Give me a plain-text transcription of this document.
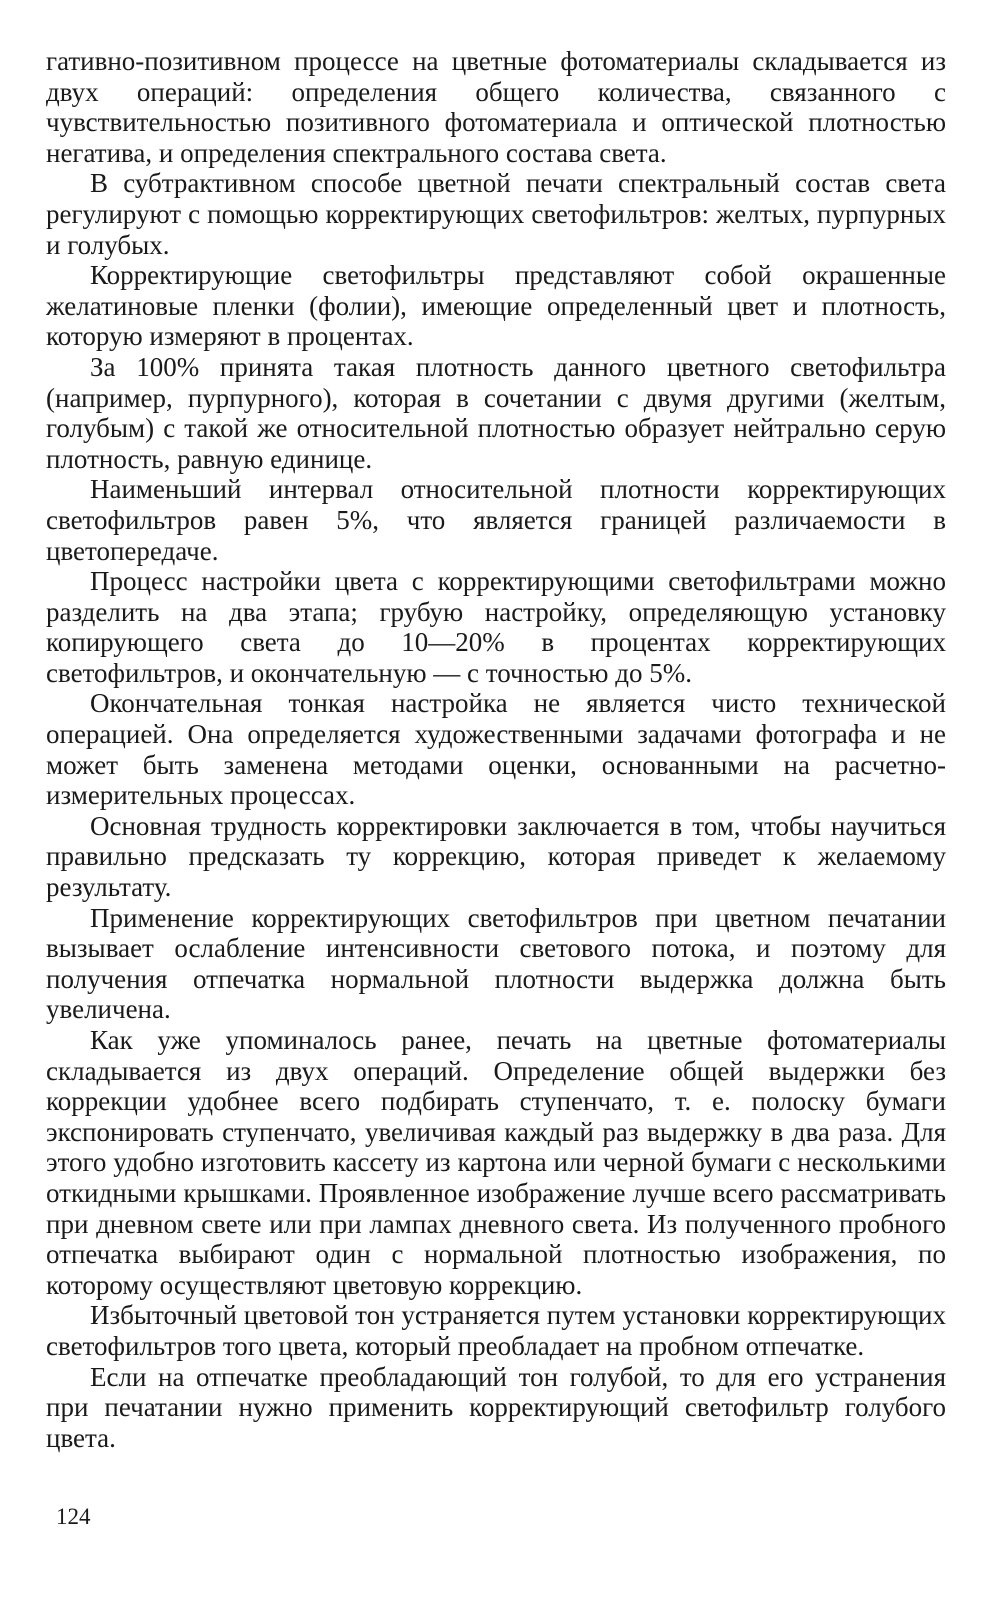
гативно-позитивном процессе на цветные фотоматериалы складывается из двух операций: определения общего количества, связанного с чувствительностью позитивного фотоматериала и оптической плотностью негатива, и определения спектрального состава света.

В субтрактивном способе цветной печати спектральный состав света регулируют с помощью корректирующих светофильтров: желтых, пурпурных и голубых.

Корректирующие светофильтры представляют собой окрашенные желатиновые пленки (фолии), имеющие определенный цвет и плотность, которую измеряют в процентах.

За 100% принята такая плотность данного цветного светофильтра (например, пурпурного), которая в сочетании с двумя другими (желтым, голубым) с такой же относительной плотностью образует нейтрально серую плотность, равную единице.

Наименьший интервал относительной плотности корректирующих светофильтров равен 5%, что является границей различаемости в цветопередаче.

Процесс настройки цвета с корректирующими светофильтрами можно разделить на два этапа; грубую настройку, определяющую установку копирующего света до 10—20% в процентах корректирующих светофильтров, и окончательную — с точностью до 5%.

Окончательная тонкая настройка не является чисто технической операцией. Она определяется художественными задачами фотографа и не может быть заменена методами оценки, основанными на расчетно-измерительных процессах.

Основная трудность корректировки заключается в том, чтобы научиться правильно предсказать ту коррекцию, которая приведет к желаемому результату.

Применение корректирующих светофильтров при цветном печатании вызывает ослабление интенсивности светового потока, и поэтому для получения отпечатка нормальной плотности выдержка должна быть увеличена.

Как уже упоминалось ранее, печать на цветные фотоматериалы складывается из двух операций. Определение общей выдержки без коррекции удобнее всего подбирать ступенчато, т. е. полоску бумаги экспонировать ступенчато, увеличивая каждый раз выдержку в два раза. Для этого удобно изготовить кассету из картона или черной бумаги с несколькими откидными крышками. Проявленное изображение лучше всего рассматривать при дневном свете или при лампах дневного света. Из полученного пробного отпечатка выбирают один с нормальной плотностью изображения, по которому осуществляют цветовую коррекцию.

Избыточный цветовой тон устраняется путем установки корректирующих светофильтров того цвета, который преобладает на пробном отпечатке.

Если на отпечатке преобладающий тон голубой, то для его устранения при печатании нужно применить корректирующий светофильтр голубого цвета.

124
